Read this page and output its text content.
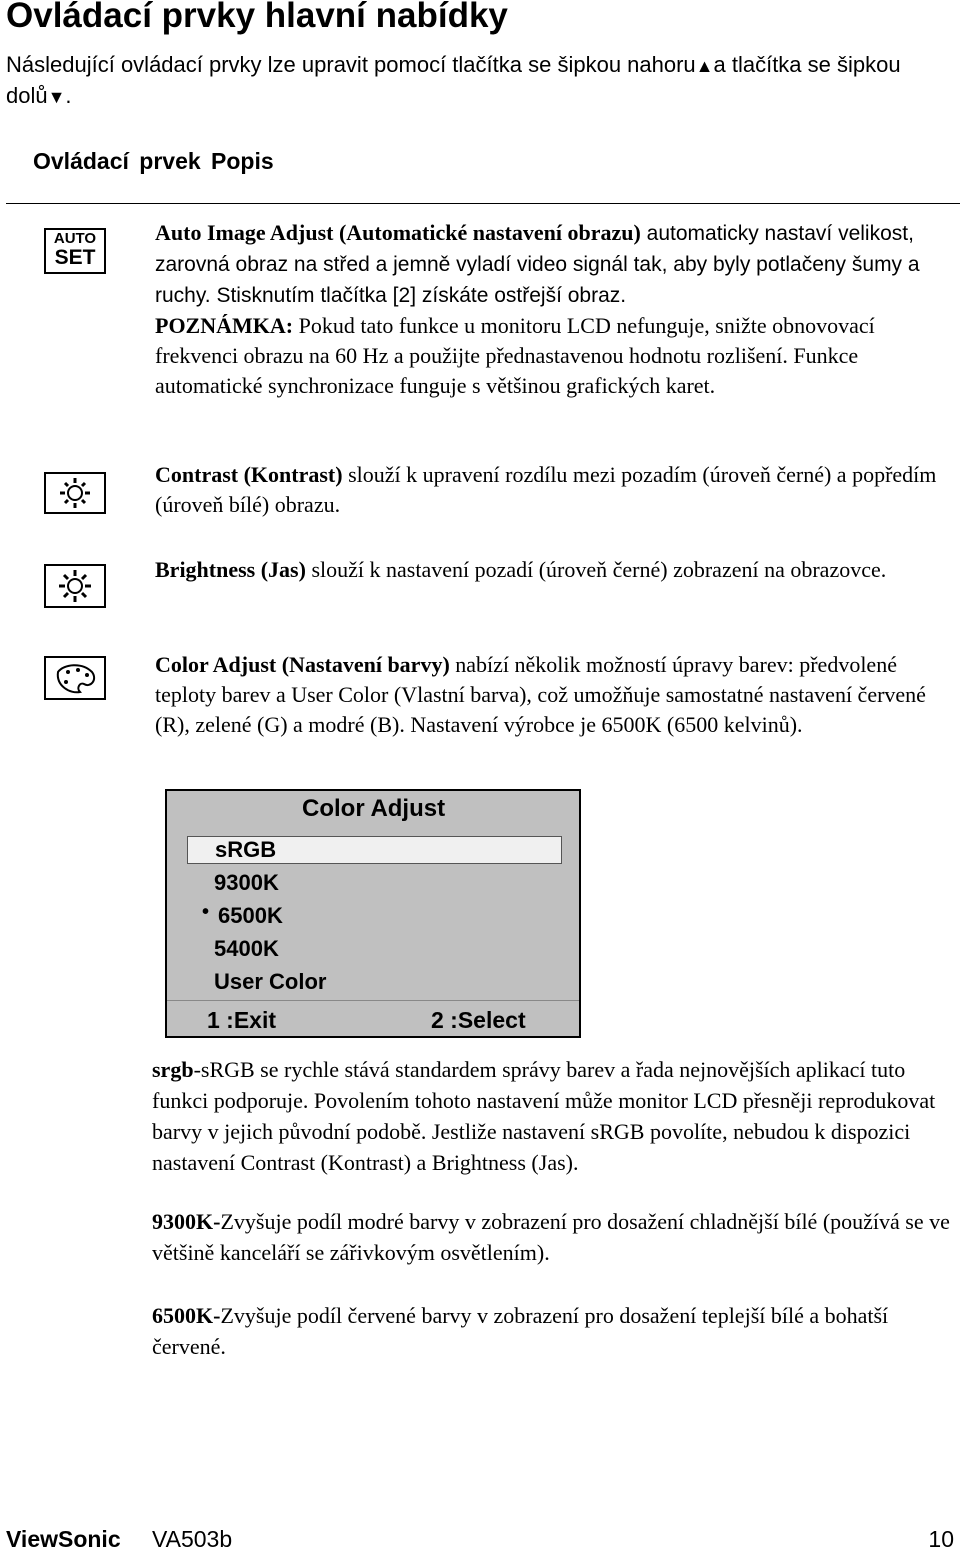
Ovládací prvky hlavní nabídky
Následující ovládací prvky lze upravit pomocí tlačítka se šipkou nahoru▲a tlačítka se šipkou dolů▼.
Ovládací prvek Popis
AUTO
SET
Auto Image Adjust (Automatické nastavení obrazu) automaticky nastaví velikost, zarovná obraz na střed a jemně vyladí video signál tak, aby byly potlačeny šumy a ruchy. Stisknutím tlačítka [2] získáte ostřejší obraz.
POZNÁMKA: Pokud tato funkce u monitoru LCD nefunguje, snižte obnovovací frekvenci obrazu na 60 Hz a použijte přednastavenou hodnotu rozlišení. Funkce automatické synchronizace funguje s většinou grafických karet.
Contrast (Kontrast) slouží k upravení rozdílu mezi pozadím (úroveň černé) a popředím (úroveň bílé) obrazu.
Brightness (Jas) slouží k nastavení pozadí (úroveň černé) zobrazení na obrazovce.
Color Adjust (Nastavení barvy) nabízí několik možností úpravy barev: předvolené teploty barev a User Color (Vlastní barva), což umožňuje samostatné nastavení červené (R), zelené (G) a modré (B). Nastavení výrobce je 6500K (6500 kelvinů).
Color Adjust
sRGB
9300K
• 6500K
5400K
User Color
1 :Exit	2 :Select
srgb-sRGB se rychle stává standardem správy barev a řada nejnovějších aplikací tuto funkci podporuje. Povolením tohoto nastavení může monitor LCD přesněji reprodukovat barvy v jejich původní podobě. Jestliže nastavení sRGB povolíte, nebudou k dispozici nastavení Contrast (Kontrast) a Brightness (Jas).
9300K-Zvyšuje podíl modré barvy v zobrazení pro dosažení chladnější bílé (používá se ve většině kanceláří se zářivkovým osvětlením).
6500K-Zvyšuje podíl červené barvy v zobrazení pro dosažení teplejší bílé a bohatší červené.
ViewSonic VA503b	10
